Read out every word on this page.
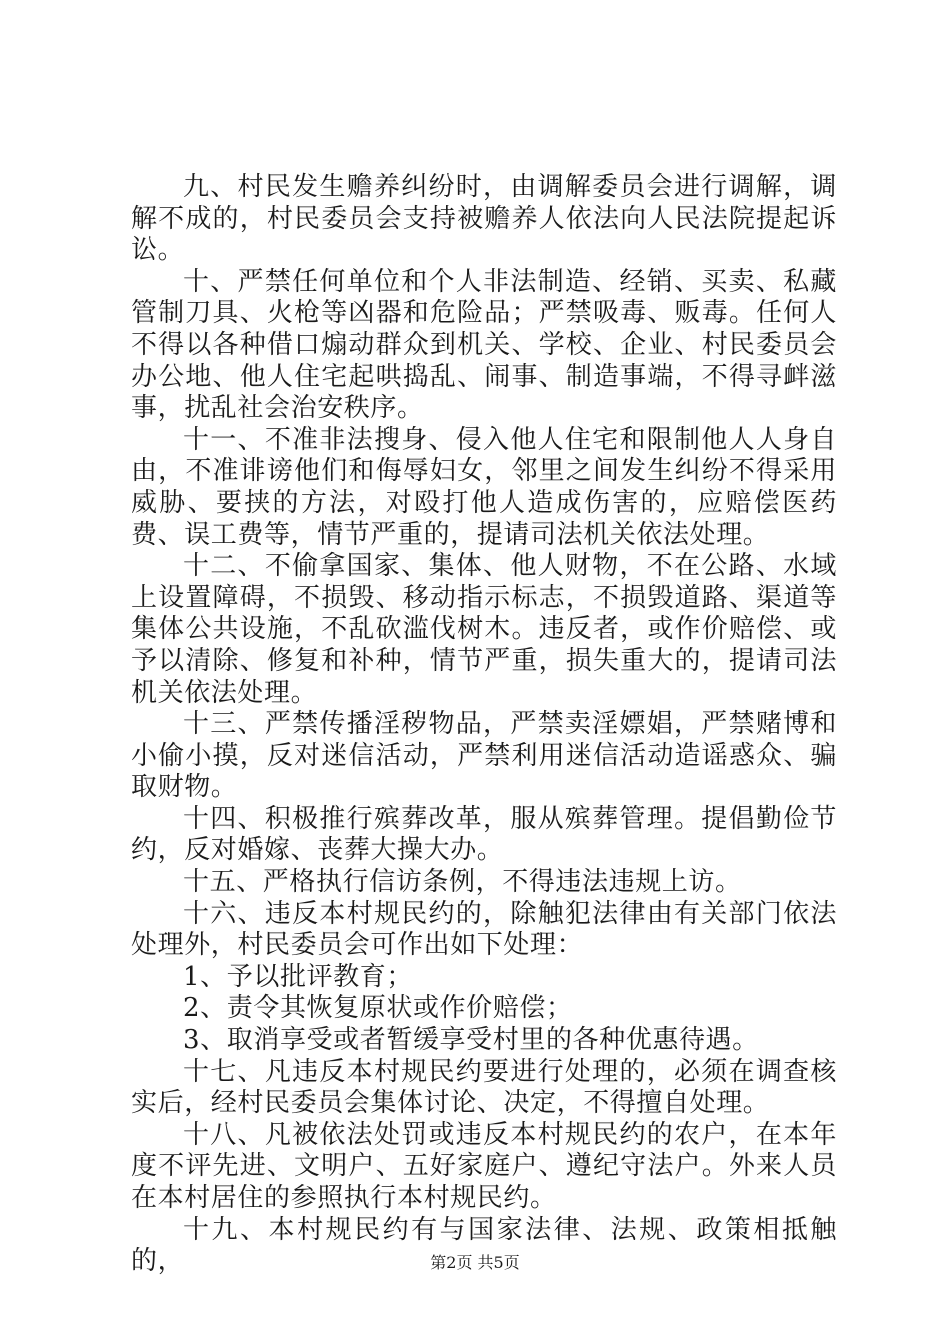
九、村民发生赡养纠纷时，由调解委员会进行调解，调解不成的，村民委员会支持被赡养人依法向人民法院提起诉讼。

十、严禁任何单位和个人非法制造、经销、买卖、私藏管制刀具、火枪等凶器和危险品；严禁吸毒、贩毒。任何人不得以各种借口煽动群众到机关、学校、企业、村民委员会办公地、他人住宅起哄捣乱、闹事、制造事端，不得寻衅滋事，扰乱社会治安秩序。

十一、不准非法搜身、侵入他人住宅和限制他人人身自由，不准诽谤他们和侮辱妇女，邻里之间发生纠纷不得采用威胁、要挟的方法，对殴打他人造成伤害的，应赔偿医药费、误工费等，情节严重的，提请司法机关依法处理。

十二、不偷拿国家、集体、他人财物，不在公路、水域上设置障碍，不损毁、移动指示标志，不损毁道路、渠道等集体公共设施，不乱砍滥伐树木。违反者，或作价赔偿、或予以清除、修复和补种，情节严重，损失重大的，提请司法机关依法处理。

十三、严禁传播淫秽物品，严禁卖淫嫖娼，严禁赌博和小偷小摸，反对迷信活动，严禁利用迷信活动造谣惑众、骗取财物。

十四、积极推行殡葬改革，服从殡葬管理。提倡勤俭节约，反对婚嫁、丧葬大操大办。

十五、严格执行信访条例，不得违法违规上访。

十六、违反本村规民约的，除触犯法律由有关部门依法处理外，村民委员会可作出如下处理：

1、予以批评教育；

2、责令其恢复原状或作价赔偿；

3、取消享受或者暂缓享受村里的各种优惠待遇。

十七、凡违反本村规民约要进行处理的，必须在调查核实后，经村民委员会集体讨论、决定，不得擅自处理。

十八、凡被依法处罚或违反本村规民约的农户，在本年度不评先进、文明户、五好家庭户、遵纪守法户。外来人员在本村居住的参照执行本村规民约。

十九、本村规民约有与国家法律、法规、政策相抵触的，	第2页 共5页
